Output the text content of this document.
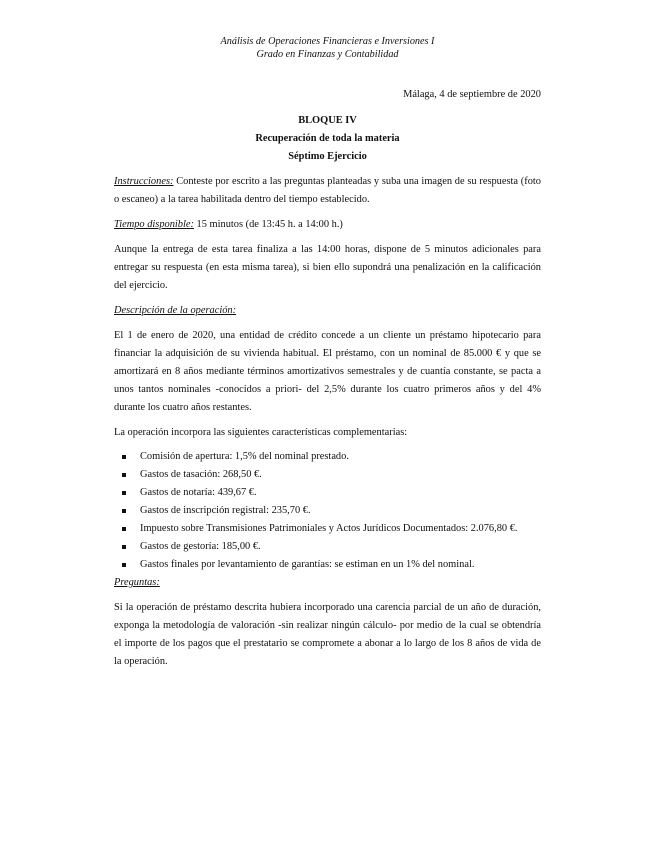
Análisis de Operaciones Financieras e Inversiones I
Grado en Finanzas y Contabilidad
Málaga, 4 de septiembre de 2020
BLOQUE IV
Recuperación de toda la materia
Séptimo Ejercicio

Instrucciones: Conteste por escrito a las preguntas planteadas y suba una imagen de su respuesta (foto o escaneo) a la tarea habilitada dentro del tiempo establecido.

Tiempo disponible: 15 minutos (de 13:45 h. a 14:00 h.)

Aunque la entrega de esta tarea finaliza a las 14:00 horas, dispone de 5 minutos adicionales para entregar su respuesta (en esta misma tarea), si bien ello supondrá una penalización en la calificación del ejercicio.

Descripción de la operación:

El 1 de enero de 2020, una entidad de crédito concede a un cliente un préstamo hipotecario para financiar la adquisición de su vivienda habitual. El préstamo, con un nominal de 85.000 € y que se amortizará en 8 años mediante términos amortizativos semestrales y de cuantía constante, se pacta a unos tantos nominales -conocidos a priori- del 2,5% durante los cuatro primeros años y del 4% durante los cuatro años restantes.

La operación incorpora las siguientes características complementarias:

Comisión de apertura: 1,5% del nominal prestado.
Gastos de tasación: 268,50 €.
Gastos de notaría: 439,67 €.
Gastos de inscripción registral: 235,70 €.
Impuesto sobre Transmisiones Patrimoniales y Actos Jurídicos Documentados: 2.076,80 €.
Gastos de gestoría: 185,00 €.
Gastos finales por levantamiento de garantías: se estiman en un 1% del nominal.

Preguntas:

Si la operación de préstamo descrita hubiera incorporado una carencia parcial de un año de duración, exponga la metodología de valoración -sin realizar ningún cálculo- por medio de la cual se obtendría el importe de los pagos que el prestatario se compromete a abonar a lo largo de los 8 años de vida de la operación.
